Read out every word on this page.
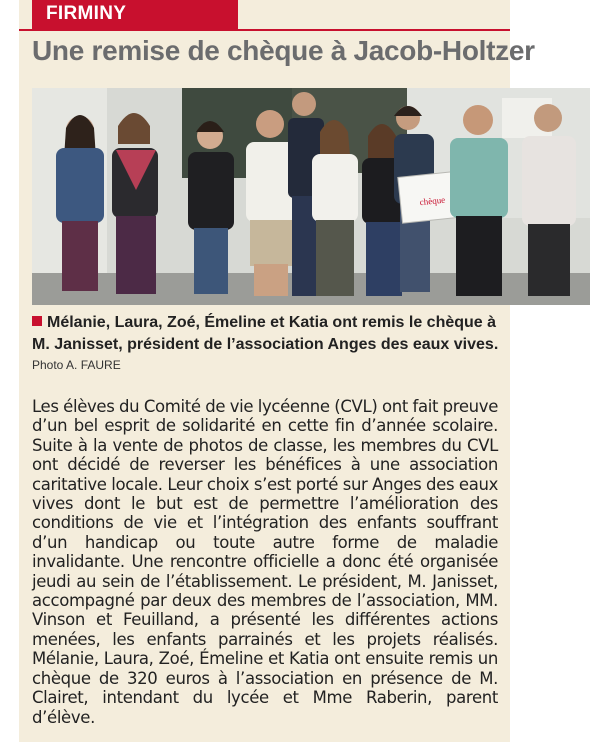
FIRMINY
Une remise de chèque à Jacob-Holtzer
chèque
Mélanie, Laura, Zoé, Émeline et Katia ont remis le chèque à M. Janisset, président de l’association Anges des eaux vives.
Photo A. FAURE

Les élèves du Comité de vie lycéenne (CVL) ont fait preuve d’un bel esprit de solidarité en cette fin d’année scolaire. Suite à la vente de photos de classe, les membres du CVL ont décidé de reverser les bénéfices à une association caritative locale. Leur choix s’est porté sur Anges des eaux vives dont le but est de permettre l’amélioration des conditions de vie et l’intégration des enfants souffrant d’un handicap ou toute autre forme de maladie invalidante. Une rencontre officielle a donc été organisée jeudi au sein de l’établissement. Le président, M. Janisset, accompagné par deux des membres de l’association, MM. Vinson et Feuilland, a présenté les différentes actions menées, les enfants parrainés et les projets réalisés. Mélanie, Laura, Zoé, Émeline et Katia ont ensuite remis un chèque de 320 euros à l’association en présence de M. Clairet, intendant du lycée et Mme Raberin, parent d’élève.
